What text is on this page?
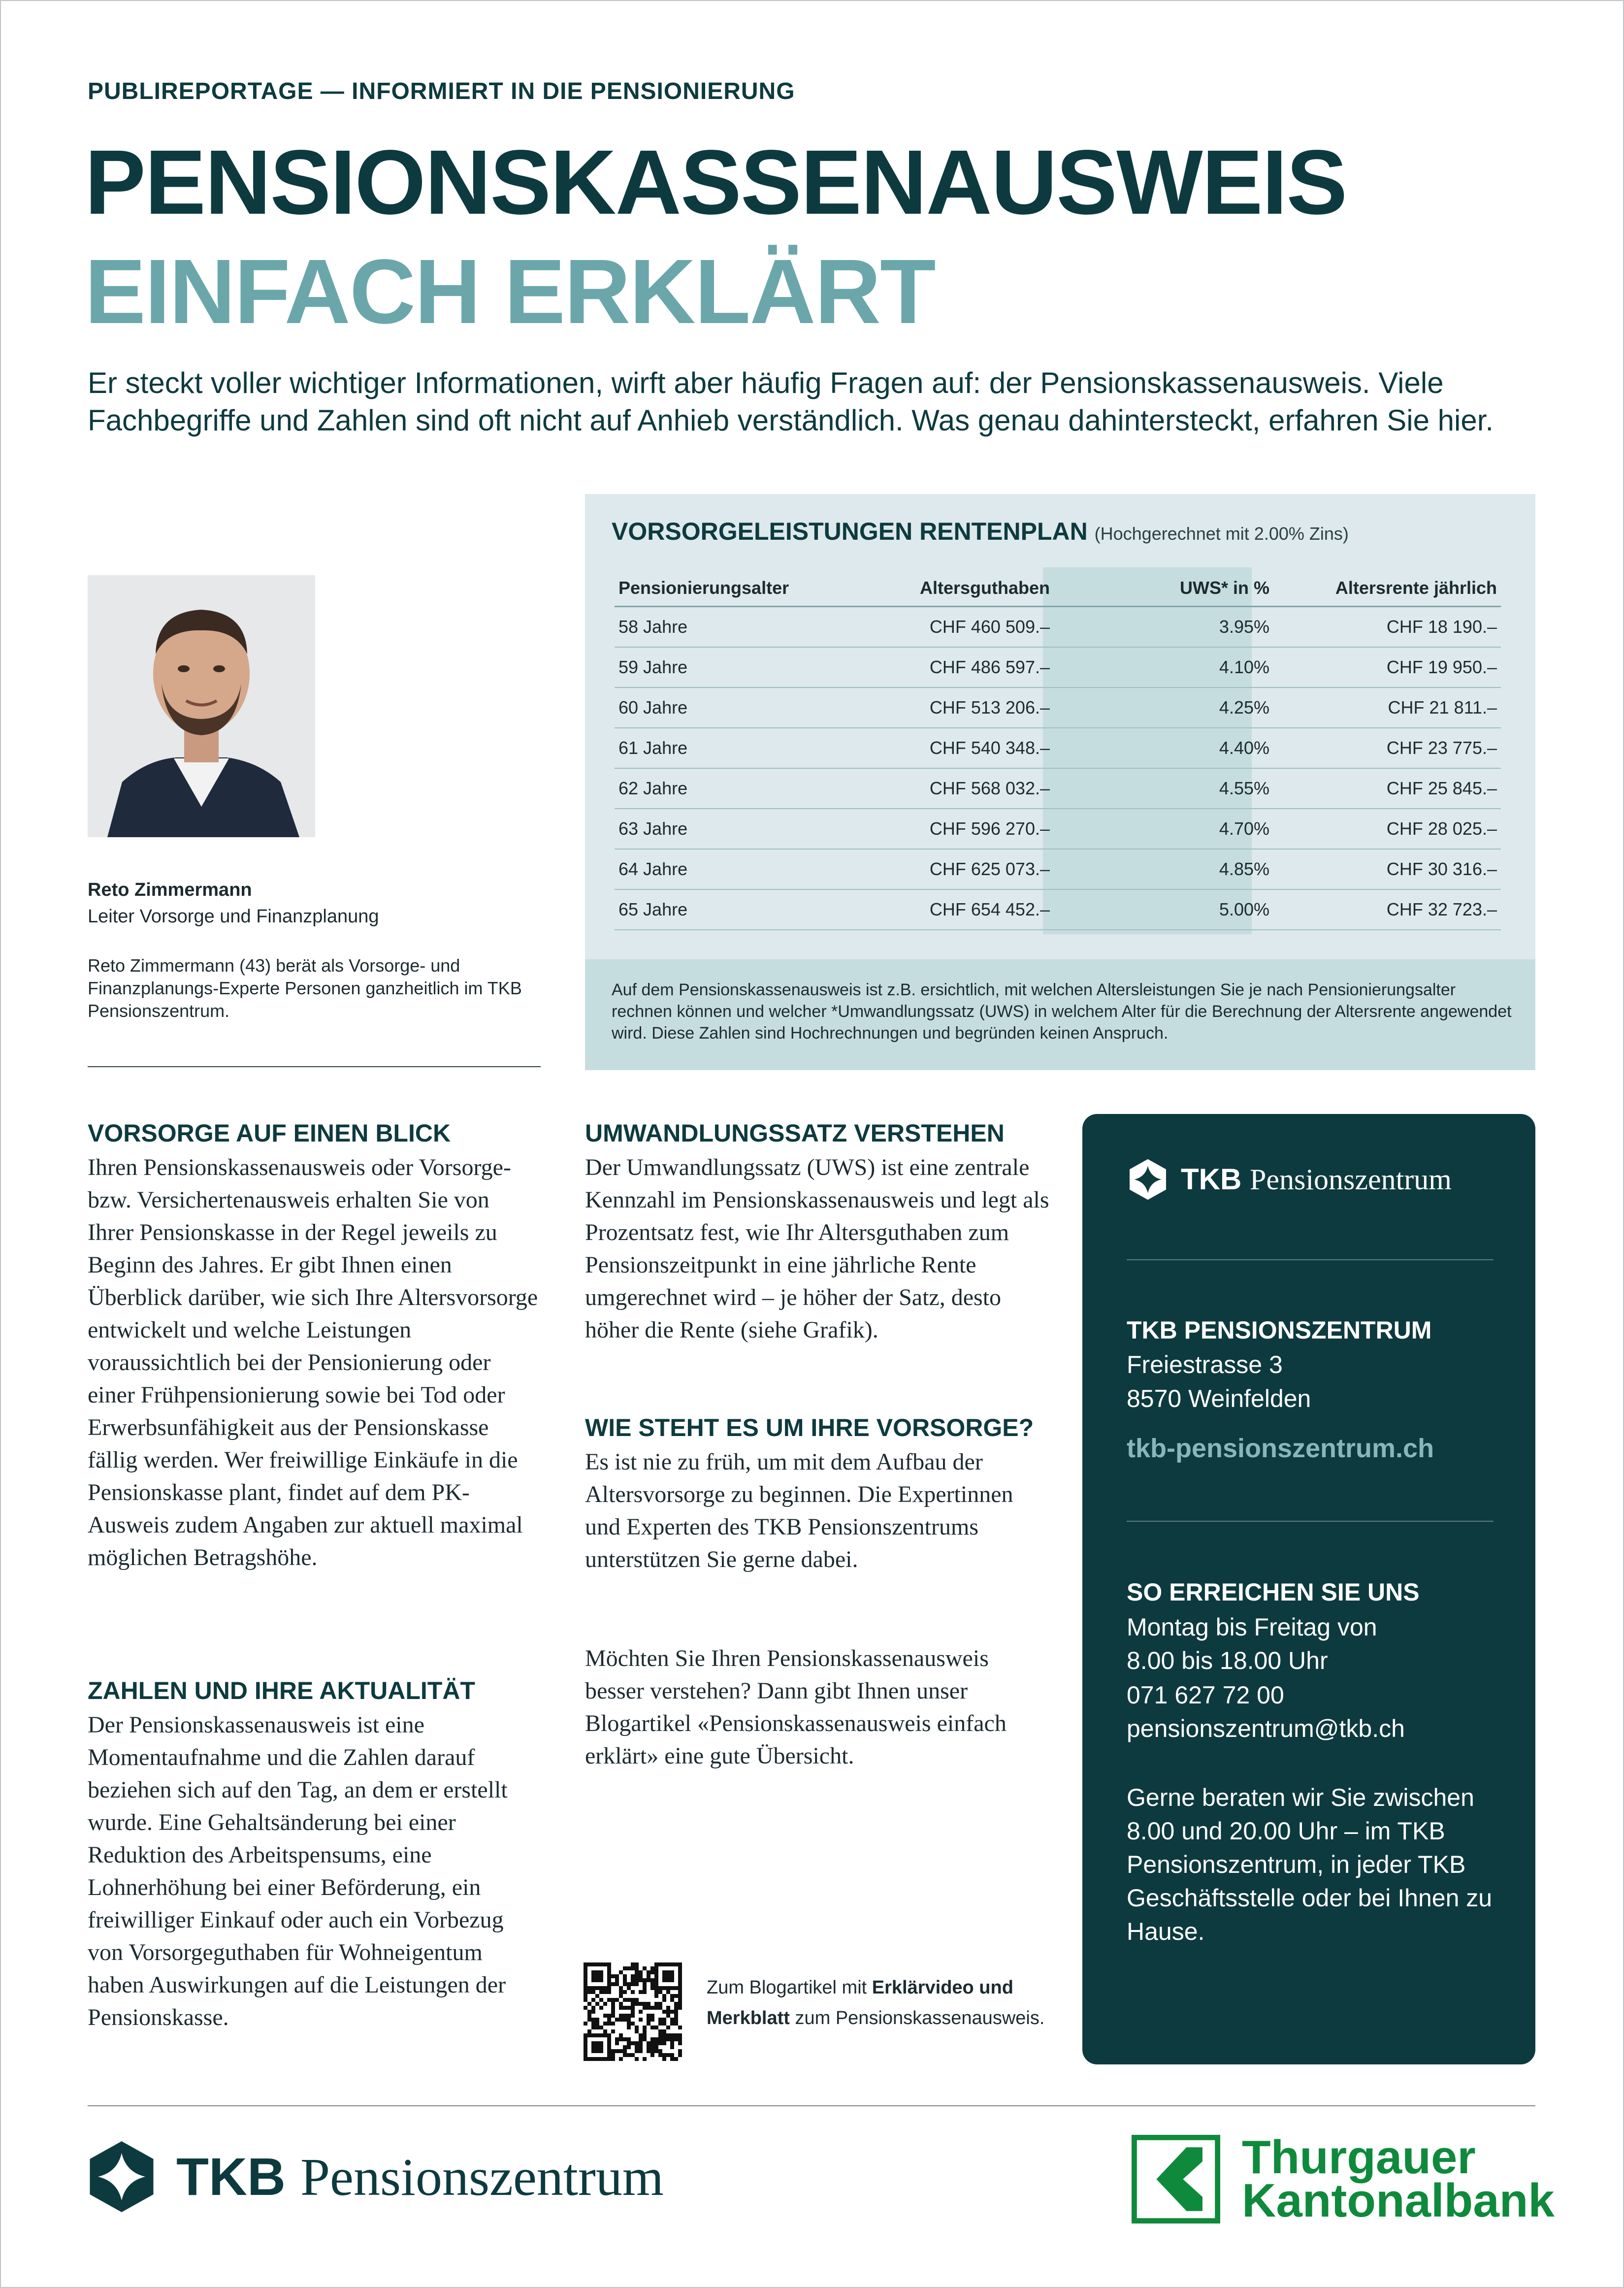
PUBLIREPORTAGE — INFORMIERT IN DIE PENSIONIERUNG
PENSIONSKASSENAUSWEIS
EINFACH ERKLÄRT
Er steckt voller wichtiger Informationen, wirft aber häufig Fragen auf: der Pensionskassenausweis. Viele Fachbegriffe und Zahlen sind oft nicht auf Anhieb verständlich. Was genau dahintersteckt, erfahren Sie hier.
Reto Zimmermann
Leiter Vorsorge und Finanzplanung
Reto Zimmermann (43) berät als Vorsorge- und Finanzplanungs-Experte Personen ganzheitlich im TKB Pensionszentrum.
VORSORGELEISTUNGEN RENTENPLAN (Hochgerechnet mit 2.00% Zins)
Pensionierungsalter	Altersguthaben	UWS* in %	Altersrente jährlich
58 Jahre	CHF 460 509.–	3.95%	CHF 18 190.–
59 Jahre	CHF 486 597.–	4.10%	CHF 19 950.–
60 Jahre	CHF 513 206.–	4.25%	CHF 21 811.–
61 Jahre	CHF 540 348.–	4.40%	CHF 23 775.–
62 Jahre	CHF 568 032.–	4.55%	CHF 25 845.–
63 Jahre	CHF 596 270.–	4.70%	CHF 28 025.–
64 Jahre	CHF 625 073.–	4.85%	CHF 30 316.–
65 Jahre	CHF 654 452.–	5.00%	CHF 32 723.–
Auf dem Pensionskassenausweis ist z.B. ersichtlich, mit welchen Altersleistungen Sie je nach Pensionierungsalter rechnen können und welcher *Umwandlungssatz (UWS) in welchem Alter für die Berechnung der Altersrente angewendet wird. Diese Zahlen sind Hochrechnungen und begründen keinen Anspruch.
VORSORGE AUF EINEN BLICK
Ihren Pensionskassenausweis oder Vorsorge- bzw. Versichertenausweis erhalten Sie von Ihrer Pensionskasse in der Regel jeweils zu Beginn des Jahres. Er gibt Ihnen einen Überblick darüber, wie sich Ihre Altersvorsorge entwickelt und welche Leistungen voraussichtlich bei der Pensionierung oder einer Frühpensionierung sowie bei Tod oder Erwerbsunfähigkeit aus der Pensionskasse fällig werden. Wer freiwillige Einkäufe in die Pensionskasse plant, findet auf dem PK-Ausweis zudem Angaben zur aktuell maximal möglichen Betragshöhe.
ZAHLEN UND IHRE AKTUALITÄT
Der Pensionskassenausweis ist eine Momentaufnahme und die Zahlen darauf beziehen sich auf den Tag, an dem er erstellt wurde. Eine Gehaltsänderung bei einer Reduktion des Arbeitspensums, eine Lohnerhöhung bei einer Beförderung, ein freiwilliger Einkauf oder auch ein Vorbezug von Vorsorgeguthaben für Wohneigentum haben Auswirkungen auf die Leistungen der Pensionskasse.
UMWANDLUNGSSATZ VERSTEHEN
Der Umwandlungssatz (UWS) ist eine zentrale Kennzahl im Pensionskassenausweis und legt als Prozentsatz fest, wie Ihr Altersguthaben zum Pensionszeitpunkt in eine jährliche Rente umgerechnet wird – je höher der Satz, desto höher die Rente (siehe Grafik).
WIE STEHT ES UM IHRE VORSORGE?
Es ist nie zu früh, um mit dem Aufbau der Altersvorsorge zu beginnen. Die Expertinnen und Experten des TKB Pensionszentrums unterstützen Sie gerne dabei.
Möchten Sie Ihren Pensionskassenausweis besser verstehen? Dann gibt Ihnen unser Blogartikel «Pensionskassenausweis einfach erklärt» eine gute Übersicht.
Zum Blogartikel mit Erklärvideo und Merkblatt zum Pensionskassenausweis.
TKB Pensionszentrum
TKB PENSIONSZENTRUM
Freiestrasse 3
8570 Weinfelden
tkb-pensionszentrum.ch
SO ERREICHEN SIE UNS
Montag bis Freitag von
8.00 bis 18.00 Uhr
071 627 72 00
pensionszentrum@tkb.ch
Gerne beraten wir Sie zwischen 8.00 und 20.00 Uhr – im TKB Pensionszentrum, in jeder TKB Geschäftsstelle oder bei Ihnen zu Hause.
TKB Pensionszentrum	Thurgauer
Kantonalbank
